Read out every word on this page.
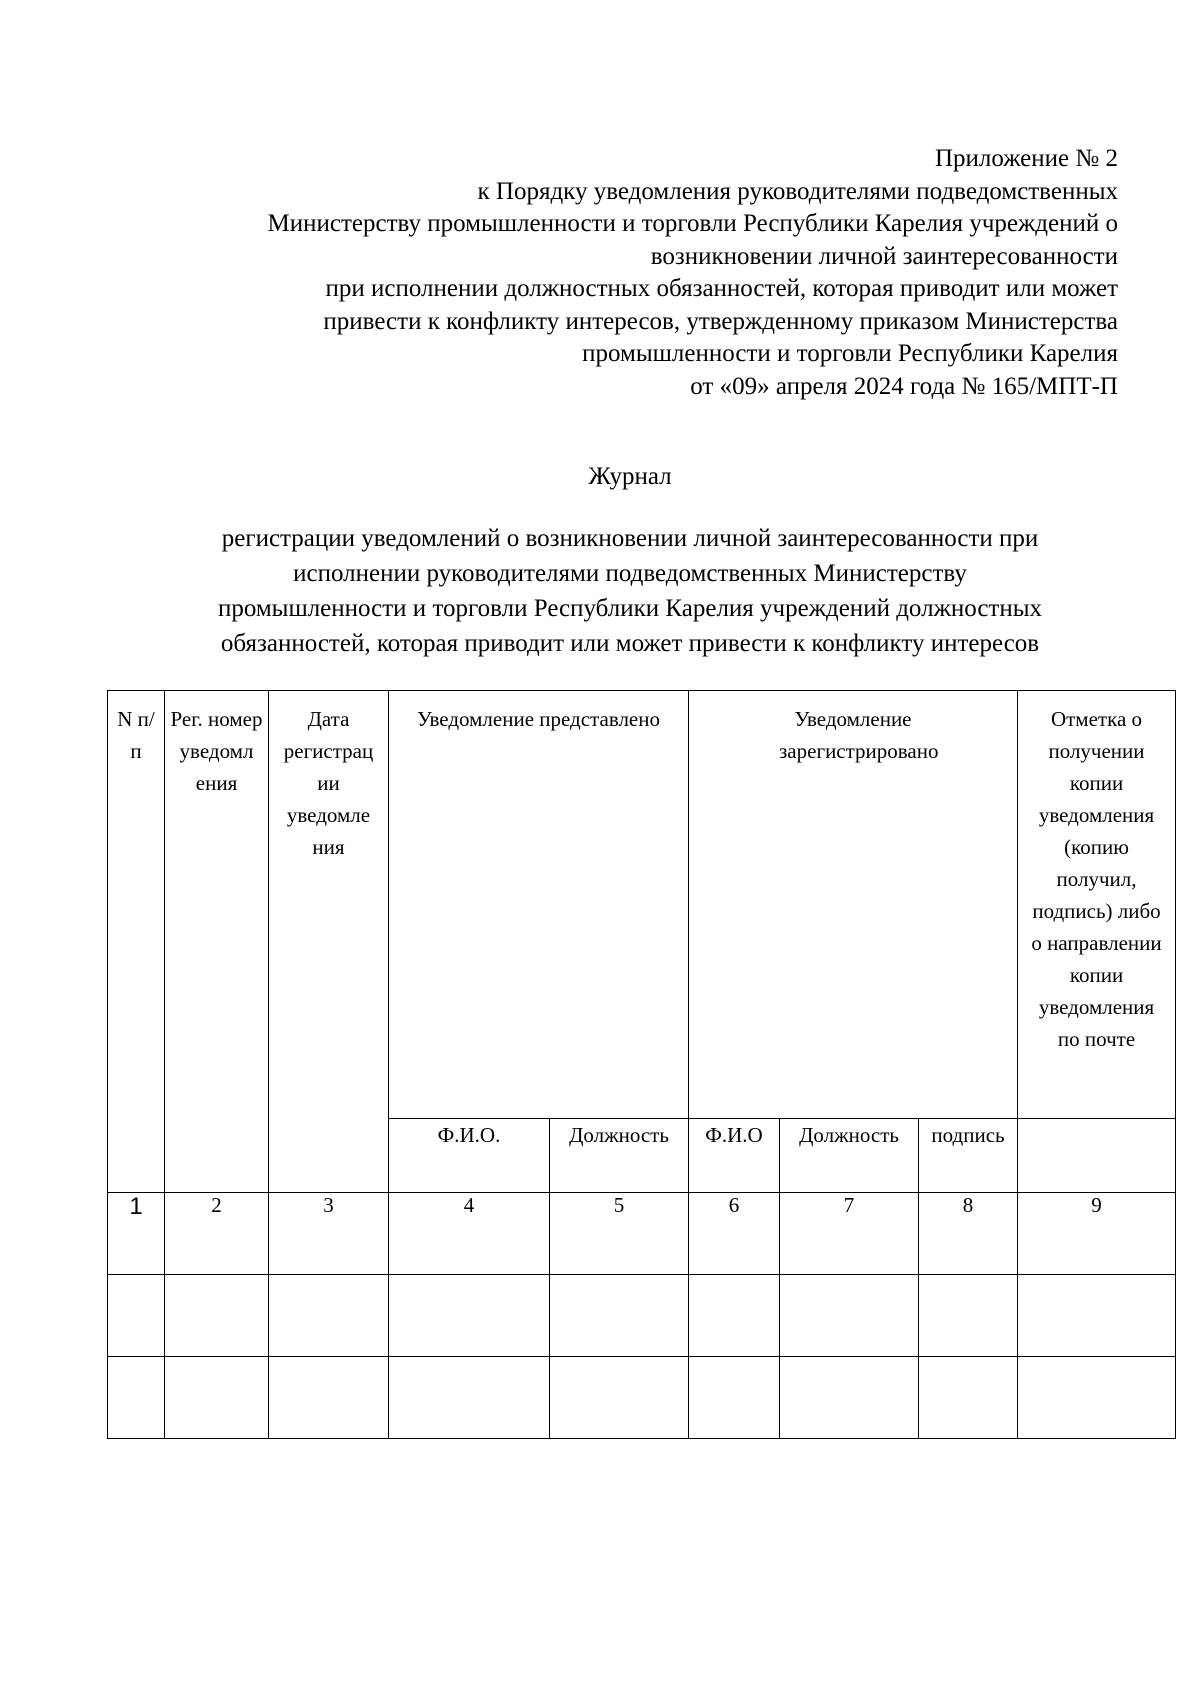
Приложение № 2
к Порядку уведомления руководителями подведомственных
Министерству промышленности и торговли Республики Карелия учреждений о
возникновении личной заинтересованности
при исполнении должностных обязанностей, которая приводит или может
привести к конфликту интересов, утвержденному приказом Министерства
промышленности и торговли Республики Карелия
от «09» апреля 2024 года № 165/МПТ-П
Журнал
регистрации уведомлений о возникновении личной заинтересованности при
исполнении руководителями подведомственных Министерству
промышленности и торговли Республики Карелия учреждений должностных
обязанностей, которая приводит или может привести к конфликту интересов
N п/п	Рег. номер уведомл ения	Дата регистрац ии уведомле ния	Уведомление представлено		Уведомление зарегистрировано			Отметка о получении копии уведомления (копию получил, подпись) либо о направлении копии уведомления по почте

			Ф.И.О.	Должность	Ф.И.О	Должность	подпись	

1	2	3	4	5	6	7	8	9
